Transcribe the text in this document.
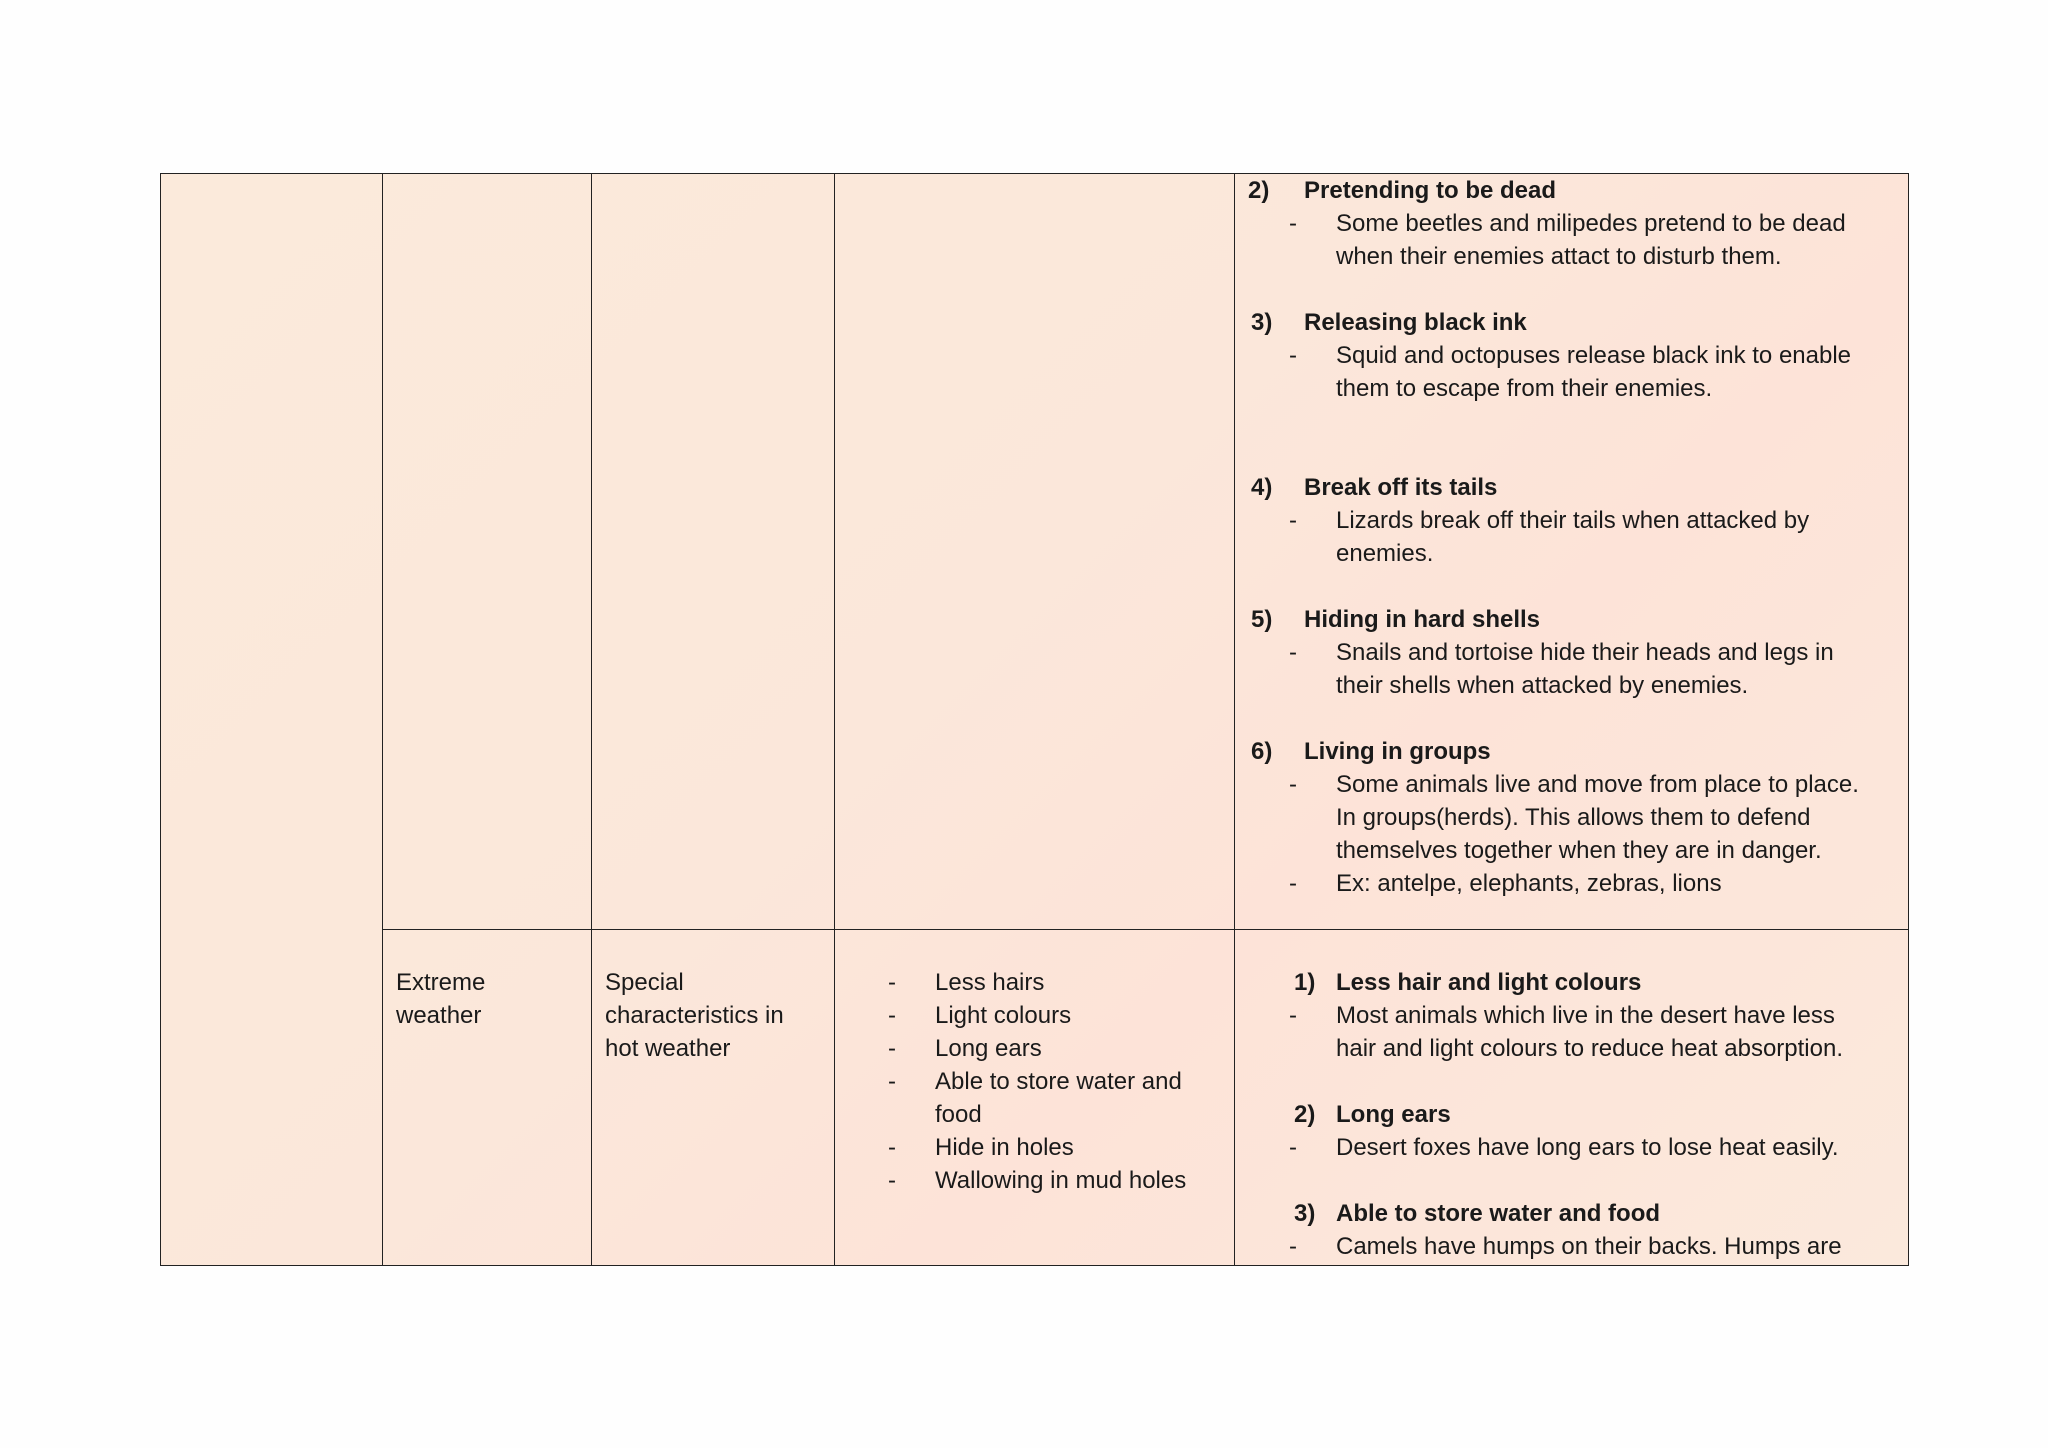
2) Pretending to be dead
- Some beetles and milipedes pretend to be dead
when their enemies attact to disturb them.
3) Releasing black ink
- Squid and octopuses release black ink to enable
them to escape from their enemies.
4) Break off its tails
- Lizards break off their tails when attacked by
enemies.
5) Hiding in hard shells
- Snails and tortoise hide their heads and legs in
their shells when attacked by enemies.
6) Living in groups
- Some animals live and move from place to place.
In groups(herds). This allows them to defend
themselves together when they are in danger.
- Ex: antelpe, elephants, zebras, lions
Extreme
weather
Special
characteristics in
hot weather
- Less hairs
- Light colours
- Long ears
- Able to store water and
food
- Hide in holes
- Wallowing in mud holes
1) Less hair and light colours
- Most animals which live in the desert have less
hair and light colours to reduce heat absorption.
2) Long ears
- Desert foxes have long ears to lose heat easily.
3) Able to store water and food
- Camels have humps on their backs. Humps are
